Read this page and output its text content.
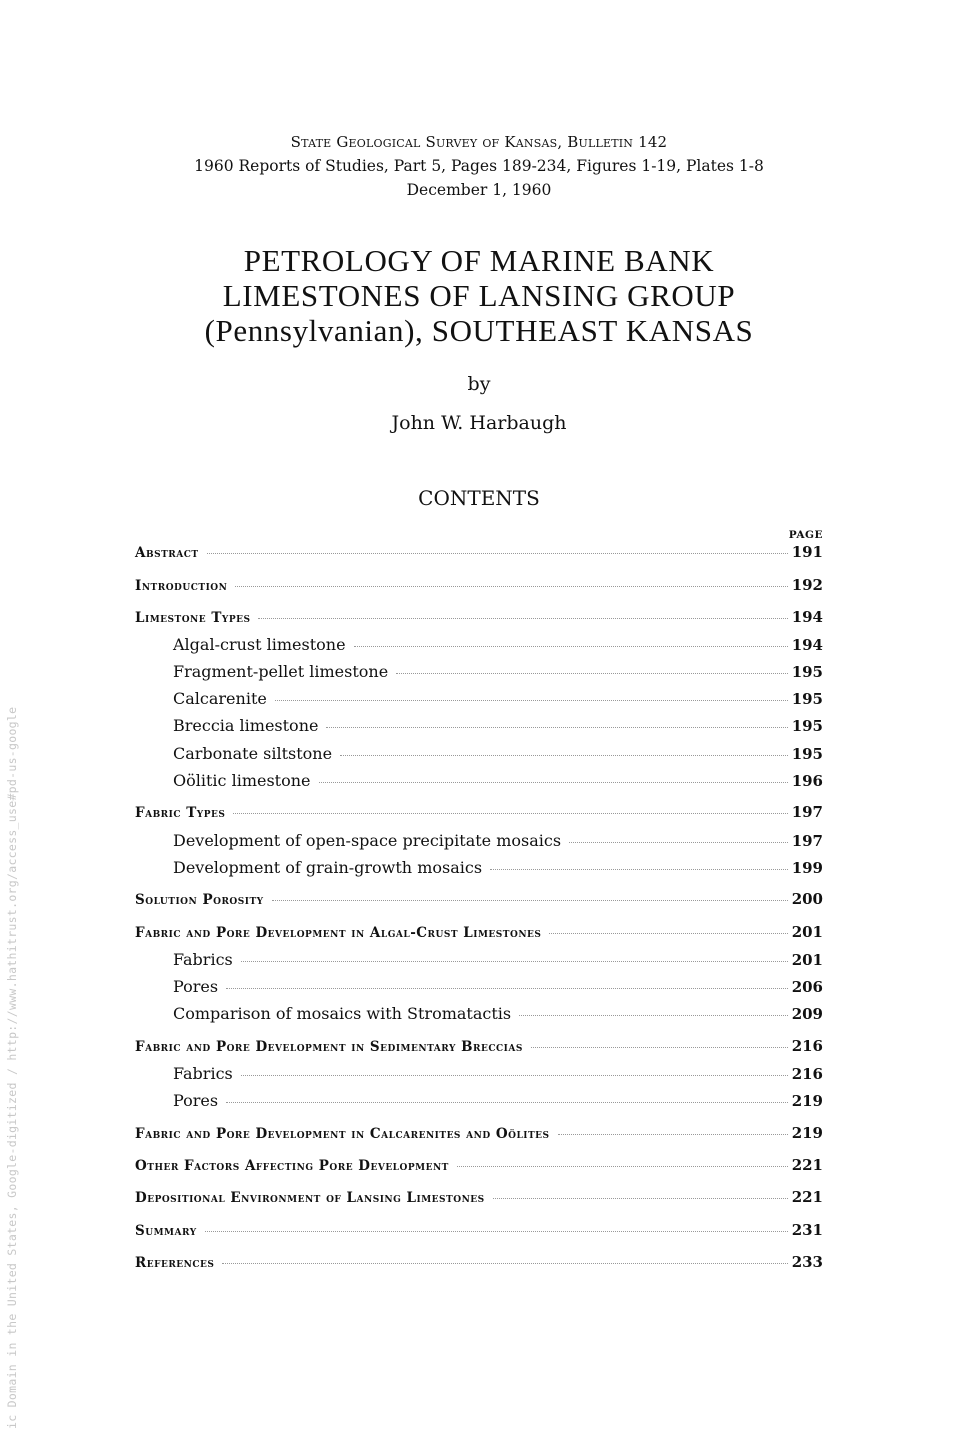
State Geological Survey of Kansas, Bulletin 142
1960 Reports of Studies, Part 5, Pages 189-234, Figures 1-19, Plates 1-8
December 1, 1960
PETROLOGY OF MARINE BANK
LIMESTONES OF LANSING GROUP
(Pennsylvanian), SOUTHEAST KANSAS
by
John W. Harbaugh
CONTENTS
PAGE
Abstract	191
Introduction	192
Limestone Types	194
Algal-crust limestone	194
Fragment-pellet limestone	195
Calcarenite	195
Breccia limestone	195
Carbonate siltstone	195
Oölitic limestone	196
Fabric Types	197
Development of open-space precipitate mosaics	197
Development of grain-growth mosaics	199
Solution Porosity	200
Fabric and Pore Development in Algal-Crust Limestones	201
Fabrics	201
Pores	206
Comparison of mosaics with Stromatactis	209
Fabric and Pore Development in Sedimentary Breccias	216
Fabrics	216
Pores	219
Fabric and Pore Development in Calcarenites and Oölites	219
Other Factors Affecting Pore Development	221
Depositional Environment of Lansing Limestones	221
Summary	231
References	233
ic Domain in the United States, Google-digitized / http://www.hathitrust.org/access_use#pd-us-google
